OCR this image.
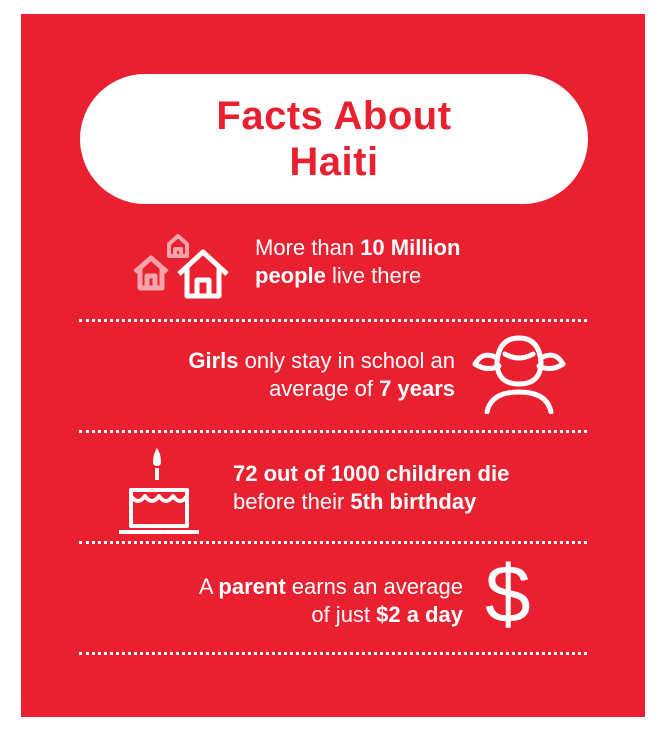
Facts About
Haiti
More than 10 Million
people live there
Girls only stay in school an
average of 7 years
72 out of 1000 children die
before their 5th birthday
A parent earns an average
of just $2 a day $
